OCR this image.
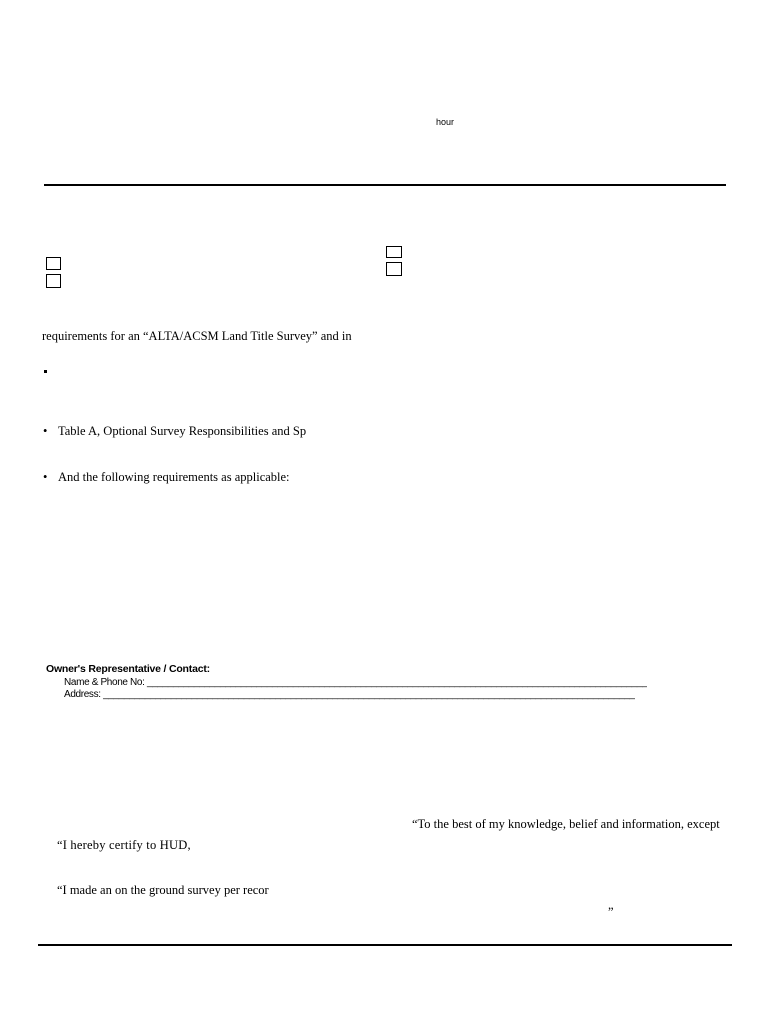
hour
requirements for an “ALTA/ACSM Land Title Survey” and in
• Table A, Optional Survey Responsibilities and Sp
• And the following requirements as applicable:
Owner's Representative / Contact:
Name & Phone No: ________________________________________________________________________________________________
Address: ______________________________________________________________________________________________________
“To the best of my knowledge, belief and information, except
“I hereby certify to HUD,
“I made an on the ground survey per recor
”
